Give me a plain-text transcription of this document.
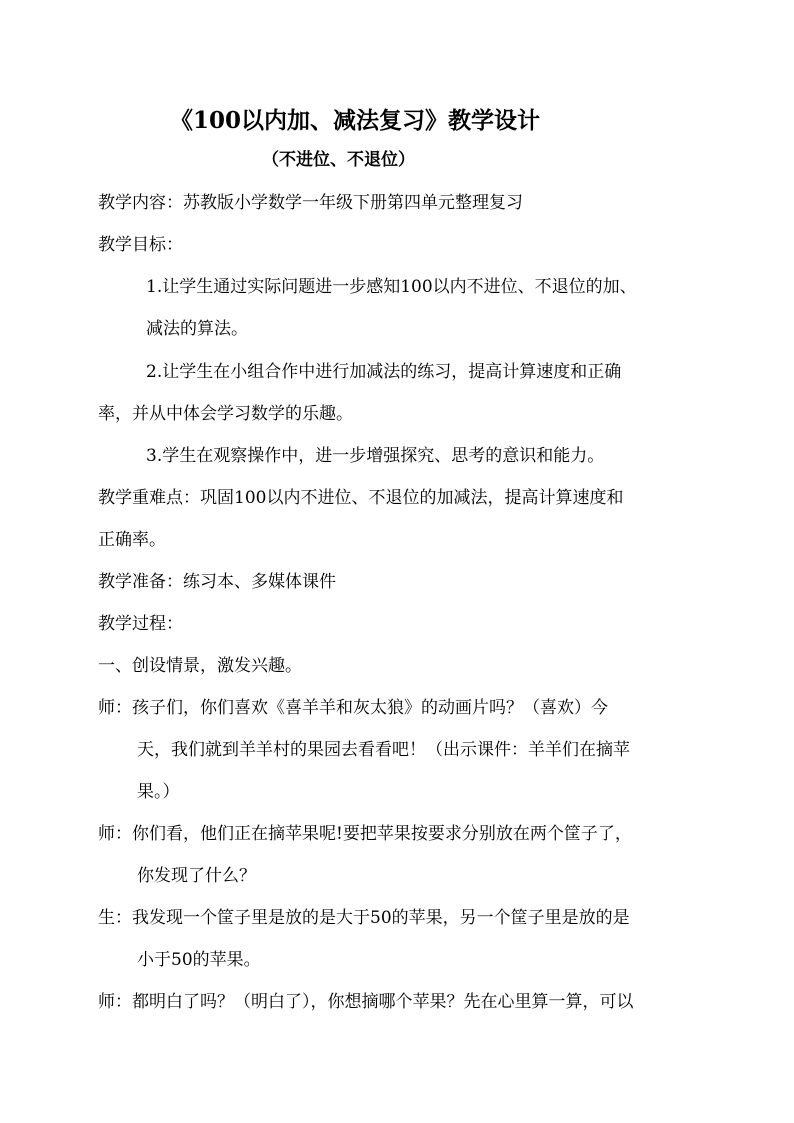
《100以内加、减法复习》教学设计
（不进位、不退位）
教学内容：苏教版小学数学一年级下册第四单元整理复习
教学目标：
1.让学生通过实际问题进一步感知100以内不进位、不退位的加、
减法的算法。
2.让学生在小组合作中进行加减法的练习，提高计算速度和正确
率，并从中体会学习数学的乐趣。
3.学生在观察操作中，进一步增强探究、思考的意识和能力。
教学重难点：巩固100以内不进位、不退位的加减法，提高计算速度和
正确率。
教学准备：练习本、多媒体课件
教学过程：
一、创设情景，激发兴趣。
师：孩子们，你们喜欢《喜羊羊和灰太狼》的动画片吗？（喜欢）今
天，我们就到羊羊村的果园去看看吧！（出示课件：羊羊们在摘苹
果。）
师：你们看，他们正在摘苹果呢!要把苹果按要求分别放在两个筐子了，
你发现了什么？
生：我发现一个筐子里是放的是大于50的苹果，另一个筐子里是放的是
小于50的苹果。
师：都明白了吗？（明白了），你想摘哪个苹果？先在心里算一算，可以
